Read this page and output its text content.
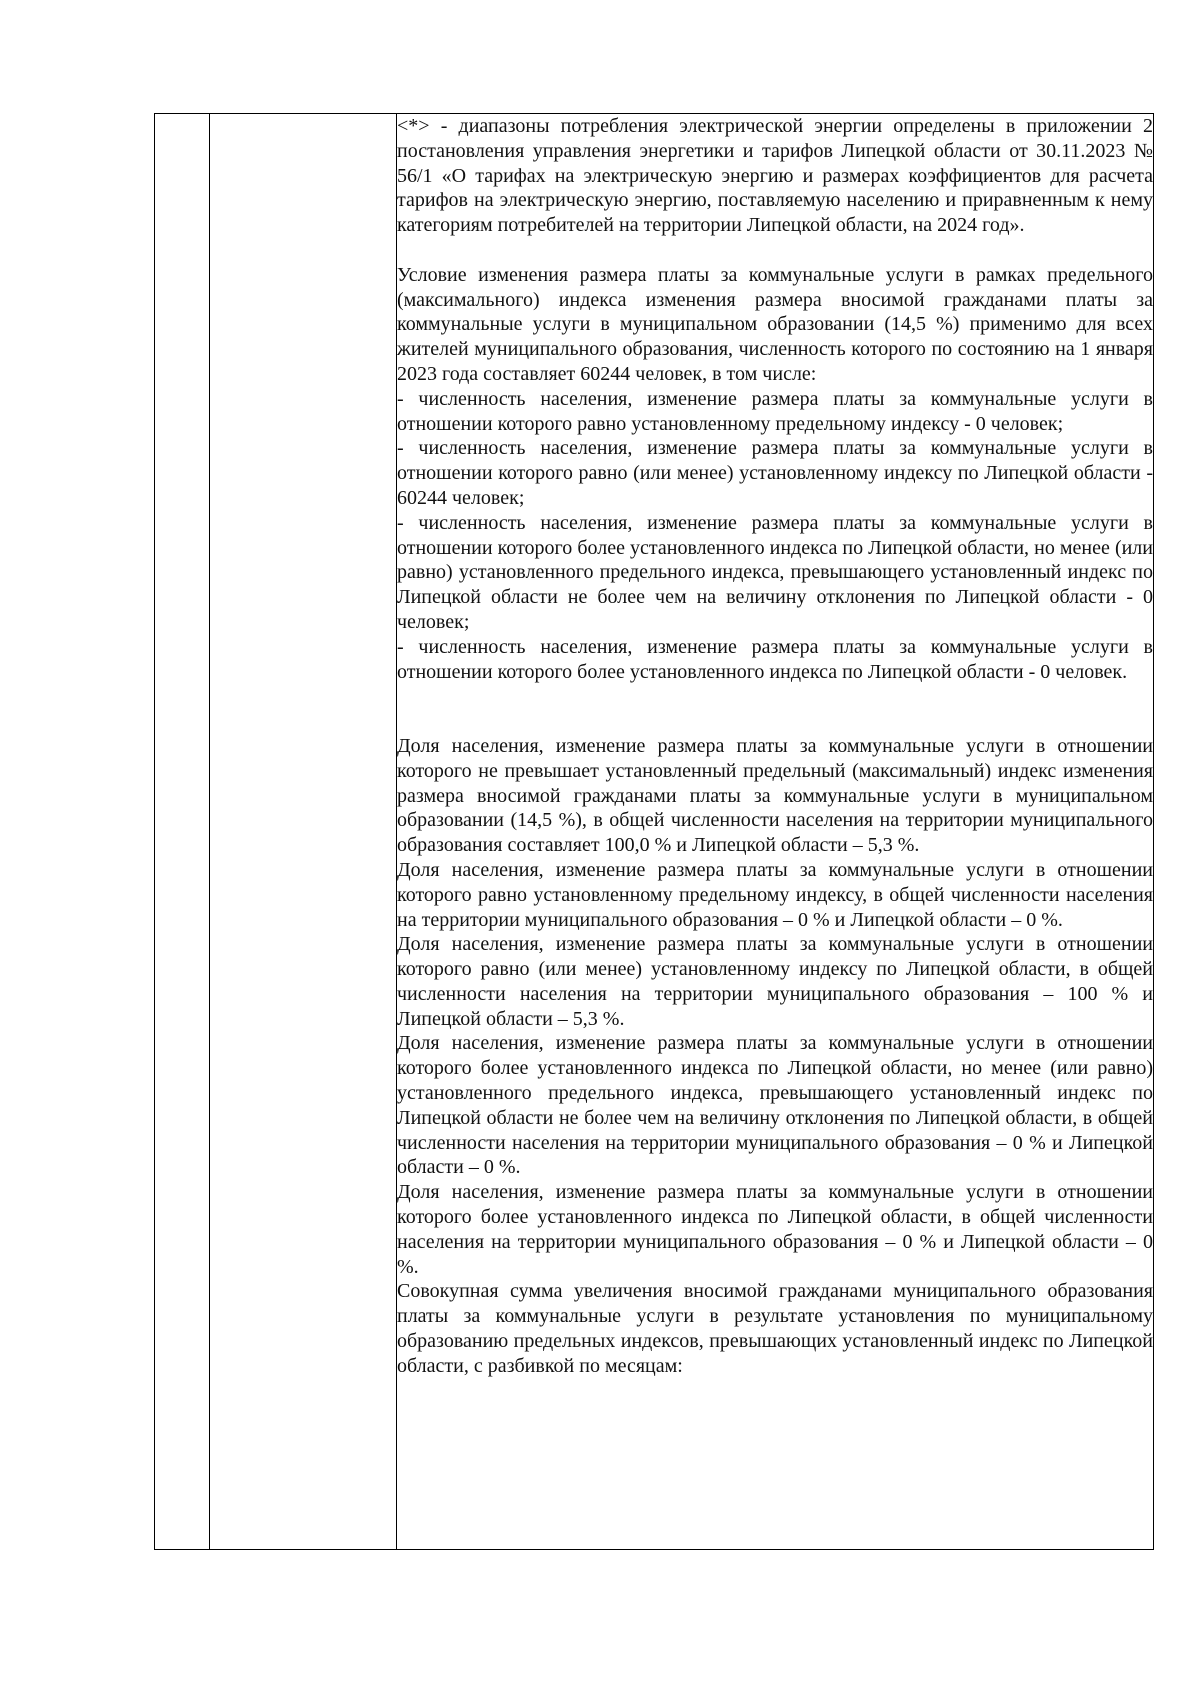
<*> - диапазоны потребления электрической энергии определены в приложении 2 постановления управления энергетики и тарифов Липецкой области от 30.11.2023 № 56/1 «О тарифах на электрическую энергию и размерах коэффициентов для расчета тарифов на электрическую энергию, поставляемую населению и приравненным к нему категориям потребителей на территории Липецкой области, на 2024 год».

Условие изменения размера платы за коммунальные услуги в рамках предельного (максимального) индекса изменения размера вносимой гражданами платы за коммунальные услуги в муниципальном образовании (14,5 %) применимо для всех жителей муниципального образования, численность которого по состоянию на 1 января 2023 года составляет 60244 человек, в том числе:

- численность населения, изменение размера платы за коммунальные услуги в отношении которого равно установленному предельному индексу - 0 человек;

- численность населения, изменение размера платы за коммунальные услуги в отношении которого равно (или менее) установленному индексу по Липецкой области - 60244 человек;

- численность населения, изменение размера платы за коммунальные услуги в отношении которого более установленного индекса по Липецкой области, но менее (или равно) установленного предельного индекса, превышающего установленный индекс по Липецкой области не более чем на величину отклонения по Липецкой области - 0 человек;

- численность населения, изменение размера платы за коммунальные услуги в отношении которого более установленного индекса по Липецкой области - 0 человек.

Доля населения, изменение размера платы за коммунальные услуги в отношении которого не превышает установленный предельный (максимальный) индекс изменения размера вносимой гражданами платы за коммунальные услуги в муниципальном образовании (14,5 %), в общей численности населения на территории муниципального образования составляет 100,0 % и Липецкой области – 5,3 %.

Доля населения, изменение размера платы за коммунальные услуги в отношении которого равно установленному предельному индексу, в общей численности населения на территории муниципального образования – 0 % и Липецкой области – 0 %.

Доля населения, изменение размера платы за коммунальные услуги в отношении которого равно (или менее) установленному индексу по Липецкой области, в общей численности населения на территории муниципального образования – 100 % и Липецкой области – 5,3 %.

Доля населения, изменение размера платы за коммунальные услуги в отношении которого более установленного индекса по Липецкой области, но менее (или равно) установленного предельного индекса, превышающего установленный индекс по Липецкой области не более чем на величину отклонения по Липецкой области, в общей численности населения на территории муниципального образования – 0 % и Липецкой области – 0 %.

Доля населения, изменение размера платы за коммунальные услуги в отношении которого более установленного индекса по Липецкой области, в общей численности населения на территории муниципального образования – 0 % и Липецкой области – 0 %.

Совокупная сумма увеличения вносимой гражданами муниципального образования платы за коммунальные услуги в результате установления по муниципальному образованию предельных индексов, превышающих установленный индекс по Липецкой области, с разбивкой по месяцам:
